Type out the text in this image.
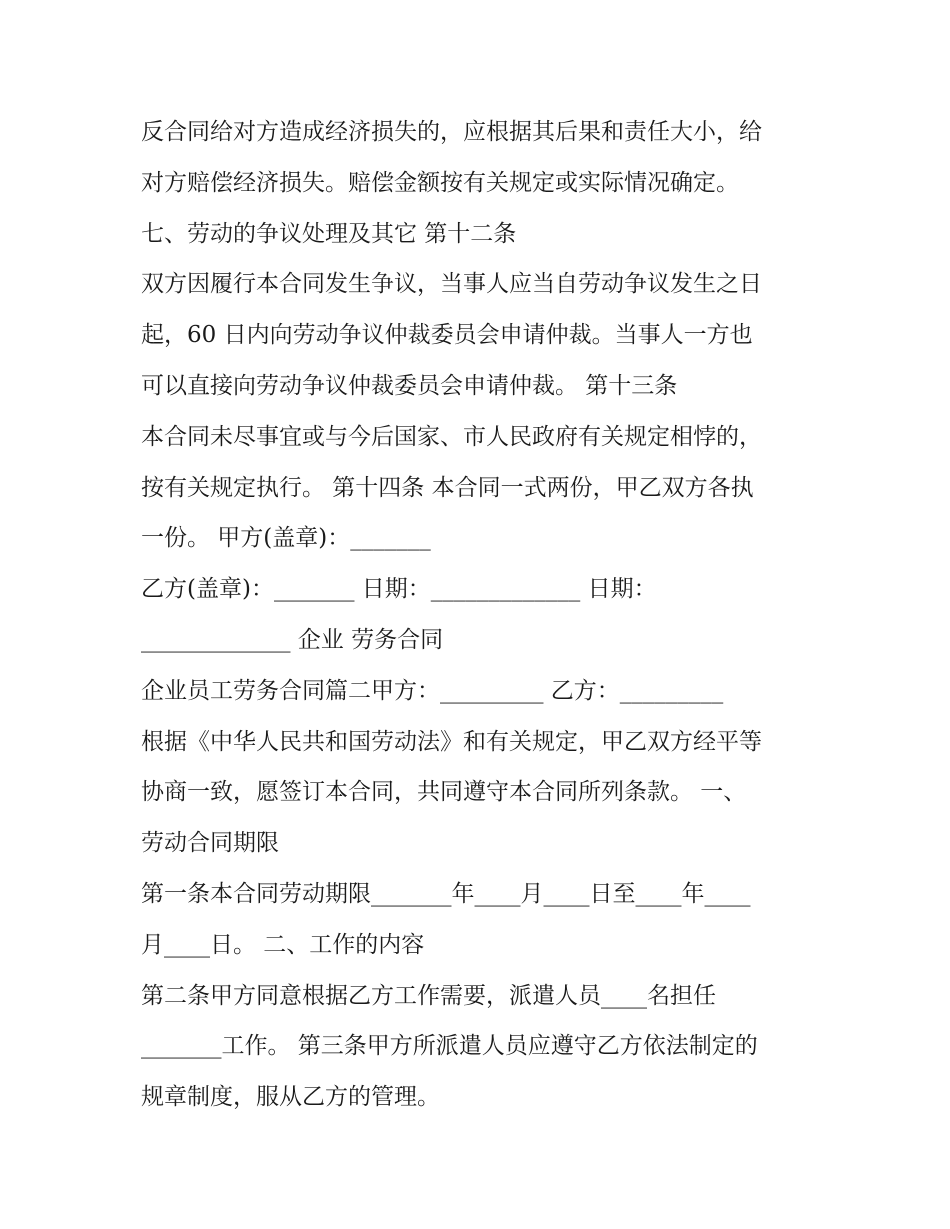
反合同给对方造成经济损失的，应根据其后果和责任大小，给
对方赔偿经济损失。赔偿金额按有关规定或实际情况确定。
七、劳动的争议处理及其它 第十二条
双方因履行本合同发生争议，当事人应当自劳动争议发生之日
起，60 日内向劳动争议仲裁委员会申请仲裁。当事人一方也
可以直接向劳动争议仲裁委员会申请仲裁。 第十三条
本合同未尽事宜或与今后国家、市人民政府有关规定相悖的，
按有关规定执行。 第十四条 本合同一式两份，甲乙双方各执
一份。 甲方(盖章)：_______
乙方(盖章)：_______ 日期：_____________ 日期：
_____________ 企业 劳务合同
企业员工劳务合同篇二甲方：_________ 乙方：_________
根据《中华人民共和国劳动法》和有关规定，甲乙双方经平等
协商一致，愿签订本合同，共同遵守本合同所列条款。 一、
劳动合同期限
第一条本合同劳动期限_______年____月____日至____年____
月____日。 二、工作的内容
第二条甲方同意根据乙方工作需要，派遣人员____名担任
_______工作。 第三条甲方所派遣人员应遵守乙方依法制定的
规章制度，服从乙方的管理。
